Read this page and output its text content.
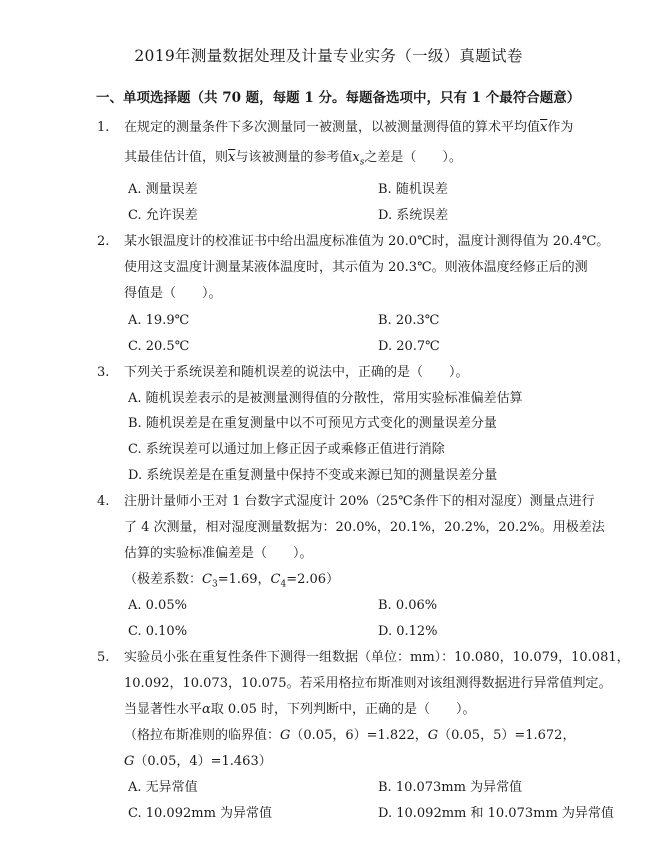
2019年测量数据处理及计量专业实务（一级）真题试卷
一、单项选择题（共 70 题，每题 1 分。每题备选项中，只有 1 个最符合题意）
1.	在规定的测量条件下多次测量同一被测量，以被测量测得值的算术平均值$\overline{x}$作为
其最佳估计值，则$\overline{x}$与该被测量的参考值$x_s$之差是（　　）。
A. 测量误差	B. 随机误差
C. 允许误差	D. 系统误差
2.	某水银温度计的校准证书中给出温度标准值为 20.0℃时，温度计测得值为 20.4℃。
使用这支温度计测量某液体温度时，其示值为 20.3℃。则液体温度经修正后的测
得值是（　　）。
A. 19.9℃	B. 20.3℃
C. 20.5℃	D. 20.7℃
3.	下列关于系统误差和随机误差的说法中，正确的是（　　）。
A. 随机误差表示的是被测量测得值的分散性，常用实验标准偏差估算
B. 随机误差是在重复测量中以不可预见方式变化的测量误差分量
C. 系统误差可以通过加上修正因子或乘修正值进行消除
D. 系统误差是在重复测量中保持不变或来源已知的测量误差分量
4.	注册计量师小王对 1 台数字式湿度计 20%（25℃条件下的相对湿度）测量点进行
了 4 次测量，相对湿度测量数据为：20.0%，20.1%，20.2%，20.2%。用极差法
估算的实验标准偏差是（　　）。
（极差系数：$C_3=1.69$，$C_4=2.06$）
A. 0.05%	B. 0.06%
C. 0.10%	D. 0.12%
5.	实验员小张在重复性条件下测得一组数据（单位：mm）：10.080，10.079，10.081，
10.092，10.073，10.075。若采用格拉布斯准则对该组测得数据进行异常值判定。
当显著性水平α取 0.05 时，下列判断中，正确的是（　　）。
（格拉布斯准则的临界值：G（0.05，6）=1.822，G（0.05，5）=1.672，
G（0.05，4）=1.463）
A. 无异常值	B. 10.073mm 为异常值
C. 10.092mm 为异常值	D. 10.092mm 和 10.073mm 为异常值
